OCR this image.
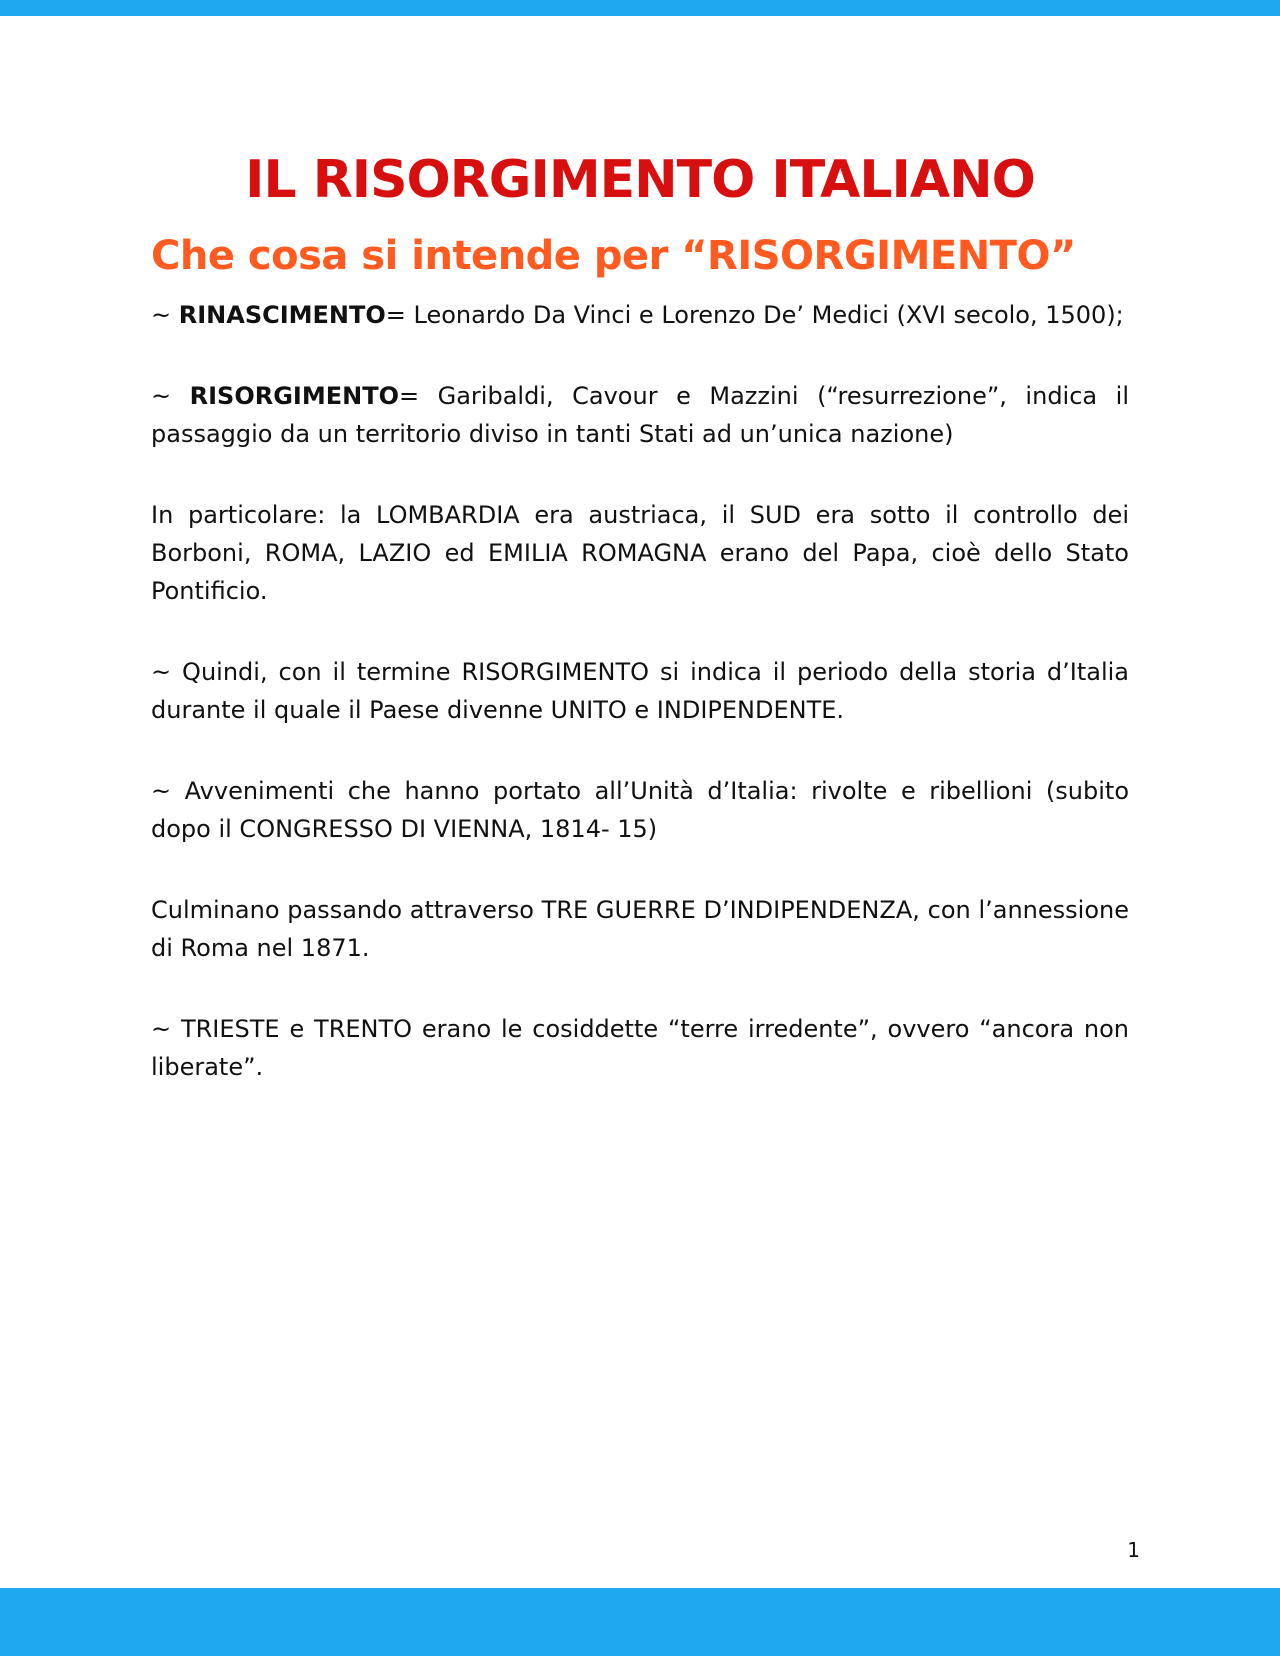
IL RISORGIMENTO ITALIANO
Che cosa si intende per “RISORGIMENTO”

~ RINASCIMENTO= Leonardo Da Vinci e Lorenzo De’ Medici (XVI secolo, 1500);

~ RISORGIMENTO= Garibaldi, Cavour e Mazzini (“resurrezione”, indica il passaggio da un territorio diviso in tanti Stati ad un’unica nazione)

In particolare: la LOMBARDIA era austriaca, il SUD era sotto il controllo dei Borboni, ROMA, LAZIO ed EMILIA ROMAGNA erano del Papa, cioè dello Stato Pontificio.

~ Quindi, con il termine RISORGIMENTO si indica il periodo della storia d’Italia durante il quale il Paese divenne UNITO e INDIPENDENTE.

~ Avvenimenti che hanno portato all’Unità d’Italia: rivolte e ribellioni (subito dopo il CONGRESSO DI VIENNA, 1814- 15)

Culminano passando attraverso TRE GUERRE D’INDIPENDENZA, con l’annessione di Roma nel 1871.

~ TRIESTE e TRENTO erano le cosiddette “terre irredente”, ovvero “ancora non liberate”.

1
